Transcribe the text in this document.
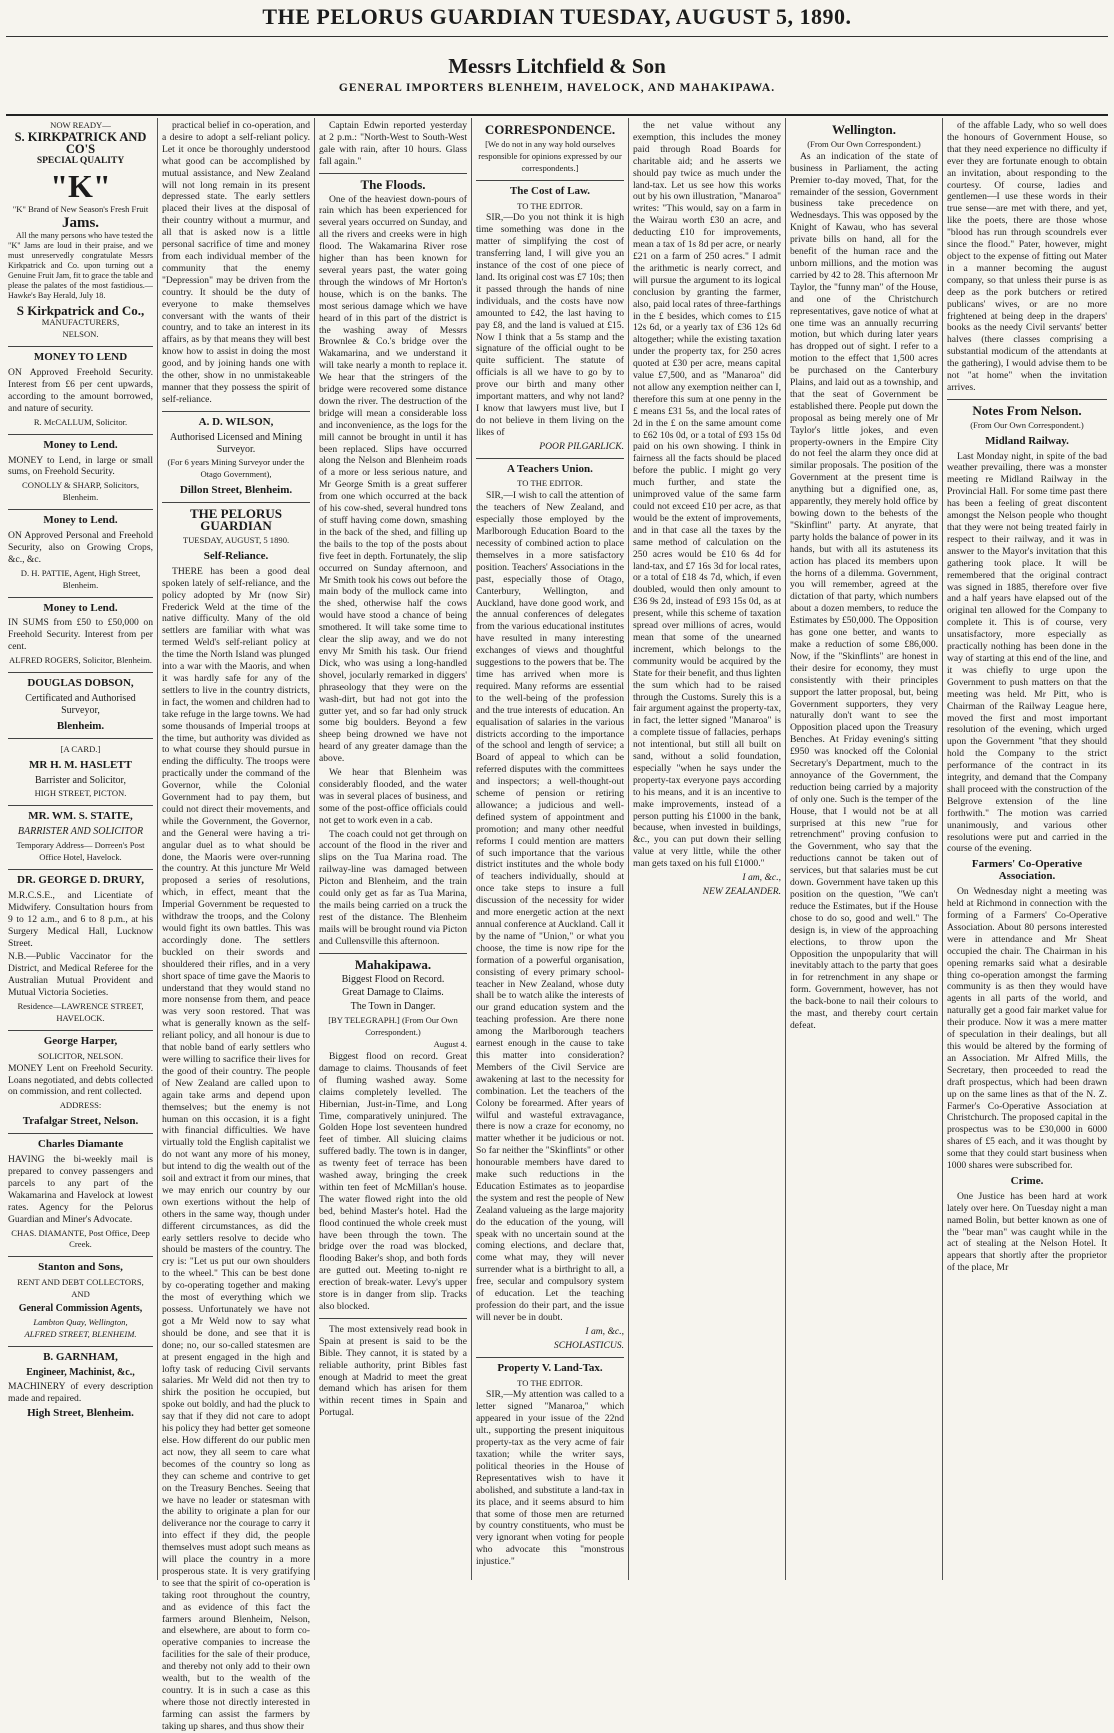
THE PELORUS GUARDIAN TUESDAY, AUGUST 5, 1890.
Messrs Litchfield & Son
GENERAL IMPORTERS BLENHEIM, HAVELOCK, AND MAHAKIPAWA.
NOW READY—
S. KIRKPATRICK AND CO'S
SPECIAL QUALITY
"K"
"K" Brand of New Season's Fresh Fruit
Jams.

All the many persons who have tested the "K" Jams are loud in their praise, and we must unreservedly congratulate Messrs Kirkpatrick and Co. upon turning out a Genuine Fruit Jam, fit to grace the table and please the palates of the most fastidious.—Hawke's Bay Herald, July 18.

S Kirkpatrick and Co.,
MANUFACTURERS,
NELSON.
MONEY TO LEND

ON Approved Freehold Security. Interest from £6 per cent upwards, according to the amount borrowed, and nature of security.

R. McCALLUM, Solicitor.
Money to Lend.

MONEY to Lend, in large or small sums, on Freehold Security.

CONOLLY & SHARP, Solicitors, Blenheim.
Money to Lend.

ON Approved Personal and Freehold Security, also on Growing Crops, &c., &c.

D. H. PATTIE, Agent, High Street, Blenheim.
Money to Lend.

IN SUMS from £50 to £50,000 on Freehold Security. Interest from per cent.

ALFRED ROGERS, Solicitor, Blenheim.
DOUGLAS DOBSON,
Certificated and Authorised Surveyor,
Blenheim.
[A CARD.]
MR H. M. HASLETT
Barrister and Solicitor,
HIGH STREET, PICTON.
MR. WM. S. STAITE,
BARRISTER AND SOLICITOR
Temporary Address— Dorreen's Post Office Hotel, Havelock.
DR. GEORGE D. DRURY,

M.R.C.S.E., and Licentiate of Midwifery. Consultation hours from 9 to 12 a.m., and 6 to 8 p.m., at his Surgery Medical Hall, Lucknow Street.

N.B.—Public Vaccinator for the District, and Medical Referee for the Australian Mutual Provident and Mutual Victoria Societies.

Residence—LAWRENCE STREET, HAVELOCK.
George Harper,
SOLICITOR, NELSON.

MONEY Lent on Freehold Security. Loans negotiated, and debts collected on commission, and rent collected.

ADDRESS:
Trafalgar Street, Nelson.
Charles Diamante

HAVING the bi-weekly mail is prepared to convey passengers and parcels to any part of the Wakamarina and Havelock at lowest rates. Agency for the Pelorus Guardian and Miner's Advocate.

CHAS. DIAMANTE, Post Office, Deep Creek.
Stanton and Sons,
RENT AND DEBT COLLECTORS,
AND
General Commission Agents,
Lambton Quay, Wellington,
ALFRED STREET, BLENHEIM.
B. GARNHAM,
Engineer, Machinist, &c.,

MACHINERY of every description made and repaired.

High Street, Blenheim.

practical belief in co-operation, and a desire to adopt a self-reliant policy. Let it once be thoroughly understood what good can be accomplished by mutual assistance, and New Zealand will not long remain in its present depressed state. The early settlers placed their lives at the disposal of their country without a murmur, and all that is asked now is a little personal sacrifice of time and money from each individual member of the community that the enemy "Depression" may be driven from the country. It should be the duty of everyone to make themselves conversant with the wants of their country, and to take an interest in its affairs, as by that means they will best know how to assist in doing the most good, and by joining hands one with the other, show in no unmistakeable manner that they possess the spirit of self-reliance.

A. D. WILSON,
Authorised Licensed and Mining Surveyor.
(For 6 years Mining Surveyor under the Otago Government),
Dillon Street, Blenheim.
THE PELORUS GUARDIAN
TUESDAY, AUGUST, 5 1890.
Self-Reliance.

THERE has been a good deal spoken lately of self-reliance, and the policy adopted by Mr (now Sir) Frederick Weld at the time of the native difficulty. Many of the old settlers are familiar with what was termed Weld's self-reliant policy at the time the North Island was plunged into a war with the Maoris, and when it was hardly safe for any of the settlers to live in the country districts, in fact, the women and children had to take refuge in the large towns. We had some thousands of Imperial troops at the time, but authority was divided as to what course they should pursue in ending the difficulty. The troops were practically under the command of the Governor, while the Colonial Government had to pay them, but could not direct their movements, and while the Government, the Governor, and the General were having a tri-angular duel as to what should be done, the Maoris were over-running the country. At this juncture Mr Weld proposed a series of resolutions, which, in effect, meant that the Imperial Government be requested to withdraw the troops, and the Colony would fight its own battles. This was accordingly done. The settlers buckled on their swords and shouldered their rifles, and in a very short space of time gave the Maoris to understand that they would stand no more nonsense from them, and peace was very soon restored. That was what is generally known as the self-reliant policy, and all honour is due to that noble band of early settlers who were willing to sacrifice their lives for the good of their country. The people of New Zealand are called upon to again take arms and depend upon themselves; but the enemy is not human on this occasion, it is a fight with financial difficulties. We have virtually told the English capitalist we do not want any more of his money, but intend to dig the wealth out of the soil and extract it from our mines, that we may enrich our country by our own exertions without the help of others in the same way, though under different circumstances, as did the early settlers resolve to decide who should be masters of the country. The cry is: "Let us put our own shoulders to the wheel." This can be best done by co-operating together and making the most of everything which we possess. Unfortunately we have not got a Mr Weld now to say what should be done, and see that it is done; no, our so-called statesmen are at present engaged in the high and lofty task of reducing Civil servants salaries. Mr Weld did not then try to shirk the position he occupied, but spoke out boldly, and had the pluck to say that if they did not care to adopt his policy they had better get someone else. How different do our public men act now, they all seem to care what becomes of the country so long as they can scheme and contrive to get on the Treasury Benches. Seeing that we have no leader or statesman with the ability to originate a plan for our deliverance nor the courage to carry it into effect if they did, the people themselves must adopt such means as will place the country in a more prosperous state. It is very gratifying to see that the spirit of co-operation is taking root throughout the country, and as evidence of this fact the farmers around Blenheim, Nelson, and elsewhere, are about to form co-operative companies to increase the facilities for the sale of their produce, and thereby not only add to their own wealth, but to the wealth of the country. It is in such a case as this where those not directly interested in farming can assist the farmers by taking up shares, and thus show their

Captain Edwin reported yesterday at 2 p.m.: "North-West to South-West gale with rain, after 10 hours. Glass fall again."

The Floods.

One of the heaviest down-pours of rain which has been experienced for several years occurred on Sunday, and all the rivers and creeks were in high flood. The Wakamarina River rose higher than has been known for several years past, the water going through the windows of Mr Horton's house, which is on the banks. The most serious damage which we have heard of in this part of the district is the washing away of Messrs Brownlee & Co.'s bridge over the Wakamarina, and we understand it will take nearly a month to replace it. We hear that the stringers of the bridge were recovered some distance down the river. The destruction of the bridge will mean a considerable loss and inconvenience, as the logs for the mill cannot be brought in until it has been replaced. Slips have occurred along the Nelson and Blenheim roads of a more or less serious nature, and Mr George Smith is a great sufferer from one which occurred at the back of his cow-shed, several hundred tons of stuff having come down, smashing in the back of the shed, and filling up the bails to the top of the posts about five feet in depth. Fortunately, the slip occurred on Sunday afternoon, and Mr Smith took his cows out before the main body of the mullock came into the shed, otherwise half the cows would have stood a chance of being smothered. It will take some time to clear the slip away, and we do not envy Mr Smith his task. Our friend Dick, who was using a long-handled shovel, jocularly remarked in diggers' phraseology that they were on the wash-dirt, but had not got into the gutter yet, and so far had only struck some big boulders. Beyond a few sheep being drowned we have not heard of any greater damage than the above.

We hear that Blenheim was considerably flooded, and the water was in several places of business, and some of the post-office officials could not get to work even in a cab.

The coach could not get through on account of the flood in the river and slips on the Tua Marina road. The railway-line was damaged between Picton and Blenheim, and the train could only get as far as Tua Marina, the mails being carried on a truck the rest of the distance. The Blenheim mails will be brought round via Picton and Cullensville this afternoon.

Mahakipawa.
Biggest Flood on Record.
Great Damage to Claims.
The Town in Danger.
[BY TELEGRAPH.] (From Our Own Correspondent.)
August 4.

Biggest flood on record. Great damage to claims. Thousands of feet of fluming washed away. Some claims completely levelled. The Hibernian, Just-in-Time, and Long Time, comparatively uninjured. The Golden Hope lost seventeen hundred feet of timber. All sluicing claims suffered badly. The town is in danger, as twenty feet of terrace has been washed away, bringing the creek within ten feet of McMillan's house. The water flowed right into the old bed, behind Master's hotel. Had the flood continued the whole creek must have been through the town. The bridge over the road was blocked, flooding Baker's shop, and both fords are gutted out. Meeting to-night re erection of break-water. Levy's upper store is in danger from slip. Tracks also blocked.

The most extensively read book in Spain at present is said to be the Bible. They cannot, it is stated by a reliable authority, print Bibles fast enough at Madrid to meet the great demand which has arisen for them within recent times in Spain and Portugal.

CORRESPONDENCE.
[We do not in any way hold ourselves responsible for opinions expressed by our correspondents.]
The Cost of Law.
TO THE EDITOR.

SIR,—Do you not think it is high time something was done in the matter of simplifying the cost of transferring land, I will give you an instance of the cost of one piece of land. Its original cost was £7 10s; then it passed through the hands of nine individuals, and the costs have now amounted to £42, the last having to pay £8, and the land is valued at £15. Now I think that a 5s stamp and the signature of the official ought to be quite sufficient. The statute of officials is all we have to go by to prove our birth and many other important matters, and why not land? I know that lawyers must live, but I do not believe in them living on the likes of

POOR PILGARLICK.

A Teachers Union.
TO THE EDITOR.

SIR,—I wish to call the attention of the teachers of New Zealand, and especially those employed by the Marlborough Education Board to the necessity of combined action to place themselves in a more satisfactory position. Teachers' Associations in the past, especially those of Otago, Canterbury, Wellington, and Auckland, have done good work, and the annual conferences of delegates from the various educational institutes have resulted in many interesting exchanges of views and thoughtful suggestions to the powers that be. The time has arrived when more is required. Many reforms are essential to the well-being of the profession and the true interests of education. An equalisation of salaries in the various districts according to the importance of the school and length of service; a Board of appeal to which can be referred disputes with the committees and inspectors; a well-thought-out scheme of pension or retiring allowance; a judicious and well-defined system of appointment and promotion; and many other needful reforms I could mention are matters of such importance that the various district institutes and the whole body of teachers individually, should at once take steps to insure a full discussion of the necessity for wider and more energetic action at the next annual conference at Auckland. Call it by the name of "Union," or what you choose, the time is now ripe for the formation of a powerful organisation, consisting of every primary school-teacher in New Zealand, whose duty shall be to watch alike the interests of our grand education system and the teaching profession. Are there none among the Marlborough teachers earnest enough in the cause to take this matter into consideration? Members of the Civil Service are awakening at last to the necessity for combination. Let the teachers of the Colony be forearmed. After years of wilful and wasteful extravagance, there is now a craze for economy, no matter whether it be judicious or not. So far neither the "Skinflints" or other honourable members have dared to make such reductions in the Education Estimates as to jeopardise the system and rest the people of New Zealand valueing as the large majority do the education of the young, will speak with no uncertain sound at the coming elections, and declare that, come what may, they will never surrender what is a birthright to all, a free, secular and compulsory system of education. Let the teaching profession do their part, and the issue will never be in doubt.

I am, &c.,

SCHOLASTICUS.

Property V. Land-Tax.
TO THE EDITOR.

SIR,—My attention was called to a letter signed "Manaroa," which appeared in your issue of the 22nd ult., supporting the present iniquitous property-tax as the very acme of fair taxation; while the writer says, political theories in the House of Representatives wish to have it abolished, and substitute a land-tax in its place, and it seems absurd to him that some of those men are returned by country constituents, who must be very ignorant when voting for people who advocate this "monstrous injustice."

the net value without any exemption, this includes the money paid through Road Boards for charitable aid; and he asserts we should pay twice as much under the land-tax. Let us see how this works out by his own illustration, "Manaroa" writes: "This would, say on a farm in the Wairau worth £30 an acre, and deducting £10 for improvements, mean a tax of 1s 8d per acre, or nearly £21 on a farm of 250 acres." I admit the arithmetic is nearly correct, and will pursue the argument to its logical conclusion by granting the farmer, also, paid local rates of three-farthings in the £ besides, which comes to £15 12s 6d, or a yearly tax of £36 12s 6d altogether; while the existing taxation under the property tax, for 250 acres quoted at £30 per acre, means capital value £7,500, and as "Manaroa" did not allow any exemption neither can I, therefore this sum at one penny in the £ means £31 5s, and the local rates of 2d in the £ on the same amount come to £62 10s 0d, or a total of £93 15s 0d paid on his own showing. I think in fairness all the facts should be placed before the public. I might go very much further, and state the unimproved value of the same farm could not exceed £10 per acre, as that would be the extent of improvements, and in that case all the taxes by the same method of calculation on the 250 acres would be £10 6s 4d for land-tax, and £7 16s 3d for local rates, or a total of £18 4s 7d, which, if even doubled, would then only amount to £36 9s 2d, instead of £93 15s 0d, as at present, while this scheme of taxation spread over millions of acres, would mean that some of the unearned increment, which belongs to the community would be acquired by the State for their benefit, and thus lighten the sum which had to be raised through the Customs. Surely this is a fair argument against the property-tax, in fact, the letter signed "Manaroa" is a complete tissue of fallacies, perhaps not intentional, but still all built on sand, without a solid foundation, especially "when he says under the property-tax everyone pays according to his means, and it is an incentive to make improvements, instead of a person putting his £1000 in the bank, because, when invested in buildings, &c., you can put down their selling value at very little, while the other man gets taxed on his full £1000."

I am, &c.,

NEW ZEALANDER.

Wellington.
(From Our Own Correspondent.)

As an indication of the state of business in Parliament, the acting Premier to-day moved, That, for the remainder of the session, Government business take precedence on Wednesdays. This was opposed by the Knight of Kawau, who has several private bills on hand, all for the benefit of the human race and the unborn millions, and the motion was carried by 42 to 28. This afternoon Mr Taylor, the "funny man" of the House, and one of the Christchurch representatives, gave notice of what at one time was an annually recurring motion, but which during later years has dropped out of sight. I refer to a motion to the effect that 1,500 acres be purchased on the Canterbury Plains, and laid out as a township, and that the seat of Government be established there. People put down the proposal as being merely one of Mr Taylor's little jokes, and even property-owners in the Empire City do not feel the alarm they once did at similar proposals. The position of the Government at the present time is anything but a dignified one, as, apparently, they merely hold office by bowing down to the behests of the "Skinflint" party. At anyrate, that party holds the balance of power in its hands, but with all its astuteness its action has placed its members upon the horns of a dilemma. Government, you will remember, agreed at the dictation of that party, which numbers about a dozen members, to reduce the Estimates by £50,000. The Opposition has gone one better, and wants to make a reduction of some £86,000. Now, if the "Skinflints" are honest in their desire for economy, they must consistently with their principles support the latter proposal, but, being Government supporters, they very naturally don't want to see the Opposition placed upon the Treasury Benches. At Friday evening's sitting £950 was knocked off the Colonial Secretary's Department, much to the annoyance of the Government, the reduction being carried by a majority of only one. Such is the temper of the House, that I would not be at all surprised at this new "rue for retrenchment" proving confusion to the Government, who say that the reductions cannot be taken out of services, but that salaries must be cut down. Government have taken up this position on the question, "We can't reduce the Estimates, but if the House chose to do so, good and well." The design is, in view of the approaching elections, to throw upon the Opposition the unpopularity that will inevitably attach to the party that goes in for retrenchment in any shape or form. Government, however, has not the back-bone to nail their colours to the mast, and thereby court certain defeat.

of the affable Lady, who so well does the honours of Government House, so that they need experience no difficulty if ever they are fortunate enough to obtain an invitation, about responding to the courtesy. Of course, ladies and gentlemen—I use these words in their true sense—are met with there, and yet, like the poets, there are those whose "blood has run through scoundrels ever since the flood." Pater, however, might object to the expense of fitting out Mater in a manner becoming the august company, so that unless their purse is as deep as the pork butchers or retired publicans' wives, or are no more frightened at being deep in the drapers' books as the needy Civil servants' better halves (there classes comprising a substantial modicum of the attendants at the gathering), I would advise them to be not "at home" when the invitation arrives.

Notes From Nelson.
(From Our Own Correspondent.)
Midland Railway.

Last Monday night, in spite of the bad weather prevailing, there was a monster meeting re Midland Railway in the Provincial Hall. For some time past there has been a feeling of great discontent amongst the Nelson people who thought that they were not being treated fairly in respect to their railway, and it was in answer to the Mayor's invitation that this gathering took place. It will be remembered that the original contract was signed in 1885, therefore over five and a half years have elapsed out of the original ten allowed for the Company to complete it. This is of course, very unsatisfactory, more especially as practically nothing has been done in the way of starting at this end of the line, and it was chiefly to urge upon the Government to push matters on that the meeting was held. Mr Pitt, who is Chairman of the Railway League here, moved the first and most important resolution of the evening, which urged upon the Government "that they should hold the Company to the strict performance of the contract in its integrity, and demand that the Company shall proceed with the construction of the Belgrove extension of the line forthwith." The motion was carried unanimously, and various other resolutions were put and carried in the course of the evening.

Farmers' Co-Operative Association.

On Wednesday night a meeting was held at Richmond in connection with the forming of a Farmers' Co-Operative Association. About 80 persons interested were in attendance and Mr Sheat occupied the chair. The Chairman in his opening remarks said what a desirable thing co-operation amongst the farming community is as then they would have agents in all parts of the world, and naturally get a good fair market value for their produce. Now it was a mere matter of speculation in their dealings, but all this would be altered by the forming of an Association. Mr Alfred Mills, the Secretary, then proceeded to read the draft prospectus, which had been drawn up on the same lines as that of the N. Z. Farmer's Co-Operative Association at Christchurch. The proposed capital in the prospectus was to be £30,000 in 6000 shares of £5 each, and it was thought by some that they could start business when 1000 shares were subscribed for.

Crime.

One Justice has been hard at work lately over here. On Tuesday night a man named Bolin, but better known as one of the "bear man" was caught while in the act of stealing at the Nelson Hotel. It appears that shortly after the proprietor of the place, Mr
